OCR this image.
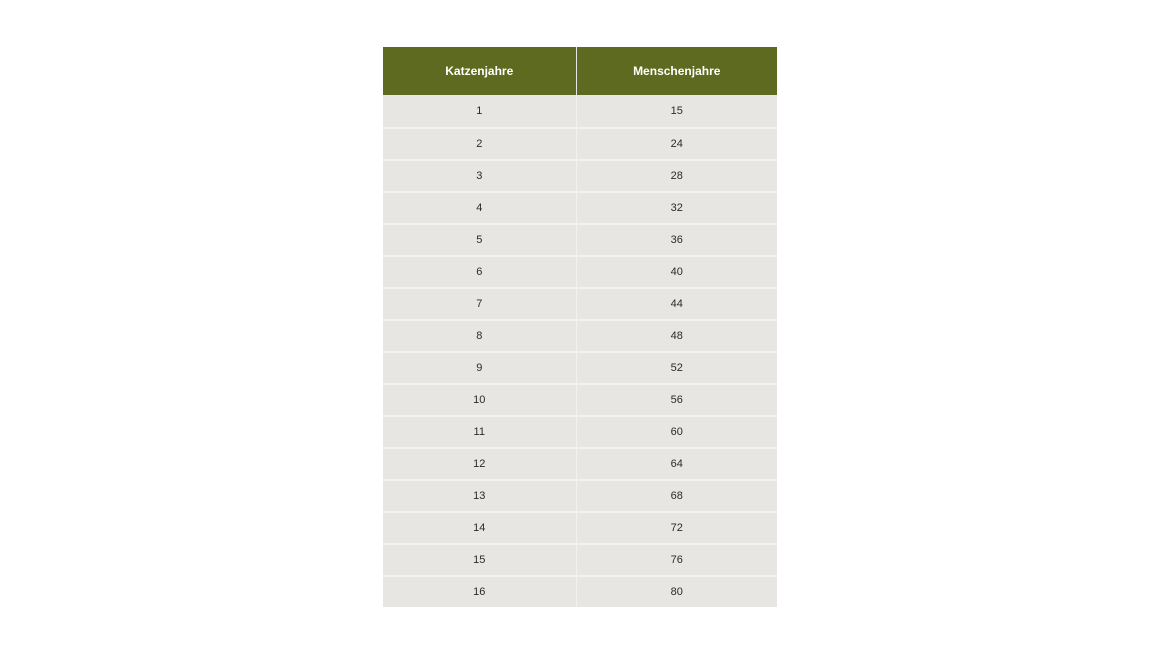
Katzenjahre	Menschenjahre
1	15
2	24
3	28
4	32
5	36
6	40
7	44
8	48
9	52
10	56
11	60
12	64
13	68
14	72
15	76
16	80
